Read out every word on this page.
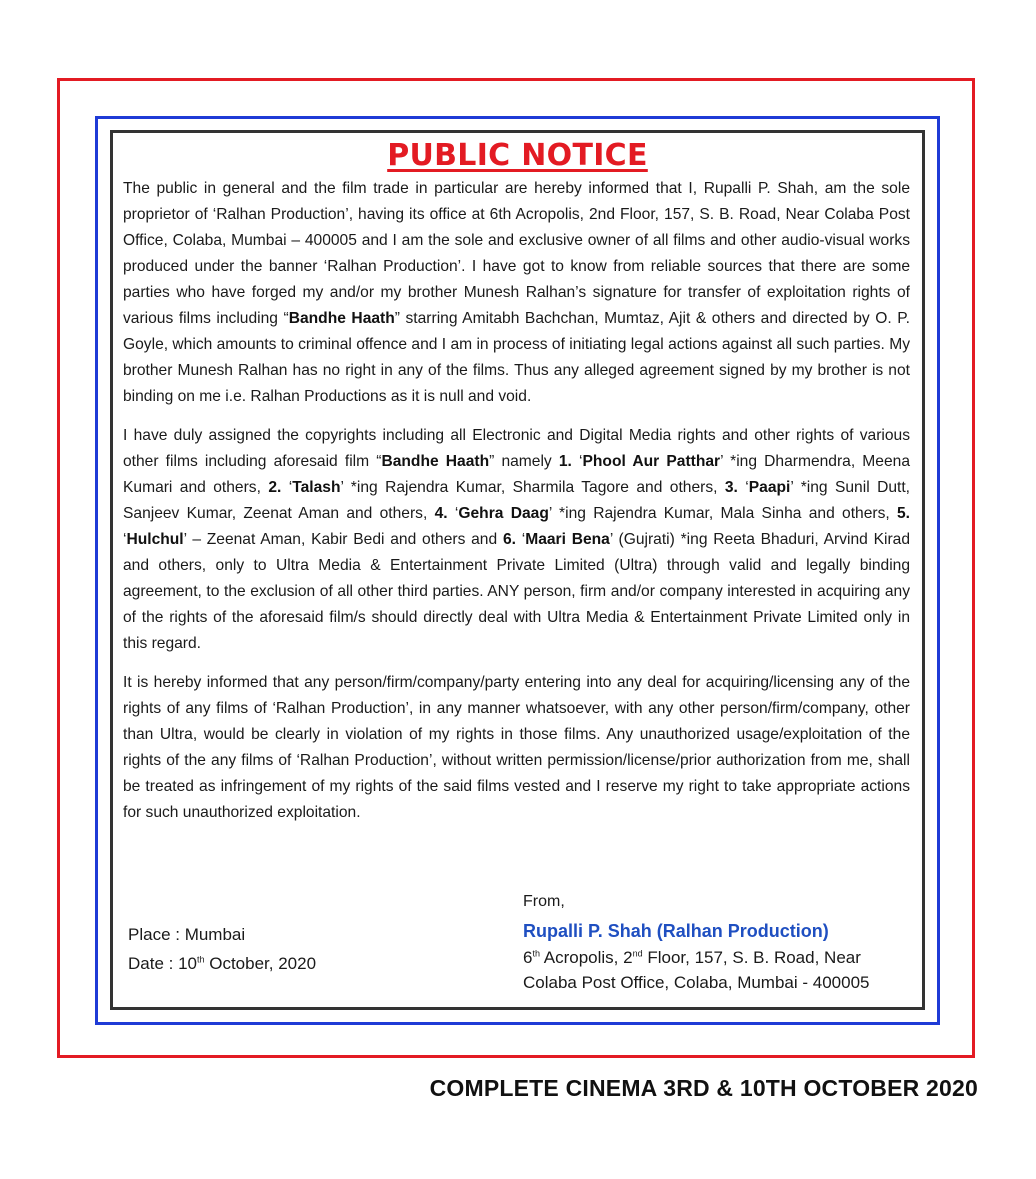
PUBLIC NOTICE

The public in general and the film trade in particular are hereby informed that I, Rupalli P. Shah, am the sole proprietor of ‘Ralhan Production’, having its office at 6th Acropolis, 2nd Floor, 157, S. B. Road, Near Colaba Post Office, Colaba, Mumbai – 400005 and I am the sole and exclusive owner of all films and other audio-visual works produced under the banner ‘Ralhan Production’. I have got to know from reliable sources that there are some parties who have forged my and/or my brother Munesh Ralhan’s signature for transfer of exploitation rights of various films including “Bandhe Haath” starring Amitabh Bachchan, Mumtaz, Ajit & others and directed by O. P. Goyle, which amounts to criminal offence and I am in process of initiating legal actions against all such parties. My brother Munesh Ralhan has no right in any of the films. Thus any alleged agreement signed by my brother is not binding on me i.e. Ralhan Productions as it is null and void.

I have duly assigned the copyrights including all Electronic and Digital Media rights and other rights of various other films including aforesaid film “Bandhe Haath” namely 1. ‘Phool Aur Patthar’ *ing Dharmendra, Meena Kumari and others, 2. ‘Talash’ *ing Rajendra Kumar, Sharmila Tagore and others, 3. ‘Paapi’ *ing Sunil Dutt, Sanjeev Kumar, Zeenat Aman and others, 4. ‘Gehra Daag’ *ing Rajendra Kumar, Mala Sinha and others, 5. ‘Hulchul’ – Zeenat Aman, Kabir Bedi and others and 6. ‘Maari Bena’ (Gujrati) *ing Reeta Bhaduri, Arvind Kirad and others, only to Ultra Media & Entertainment Private Limited (Ultra) through valid and legally binding agreement, to the exclusion of all other third parties. ANY person, firm and/or company interested in acquiring any of the rights of the aforesaid film/s should directly deal with Ultra Media & Entertainment Private Limited only in this regard.

It is hereby informed that any person/firm/company/party entering into any deal for acquiring/licensing any of the rights of any films of ‘Ralhan Production’, in any manner whatsoever, with any other person/firm/company, other than Ultra, would be clearly in violation of my rights in those films. Any unauthorized usage/exploitation of the rights of the any films of ‘Ralhan Production’, without written permission/license/prior authorization from me, shall be treated as infringement of my rights of the said films vested and I reserve my right to take appropriate actions for such unauthorized exploitation.

From,
Rupalli P. Shah (Ralhan Production)
6th Acropolis, 2nd Floor, 157, S. B. Road, Near
Colaba Post Office, Colaba, Mumbai - 400005
Place : Mumbai
Date : 10th October, 2020
COMPLETE CINEMA 3RD & 10TH OCTOBER 2020
